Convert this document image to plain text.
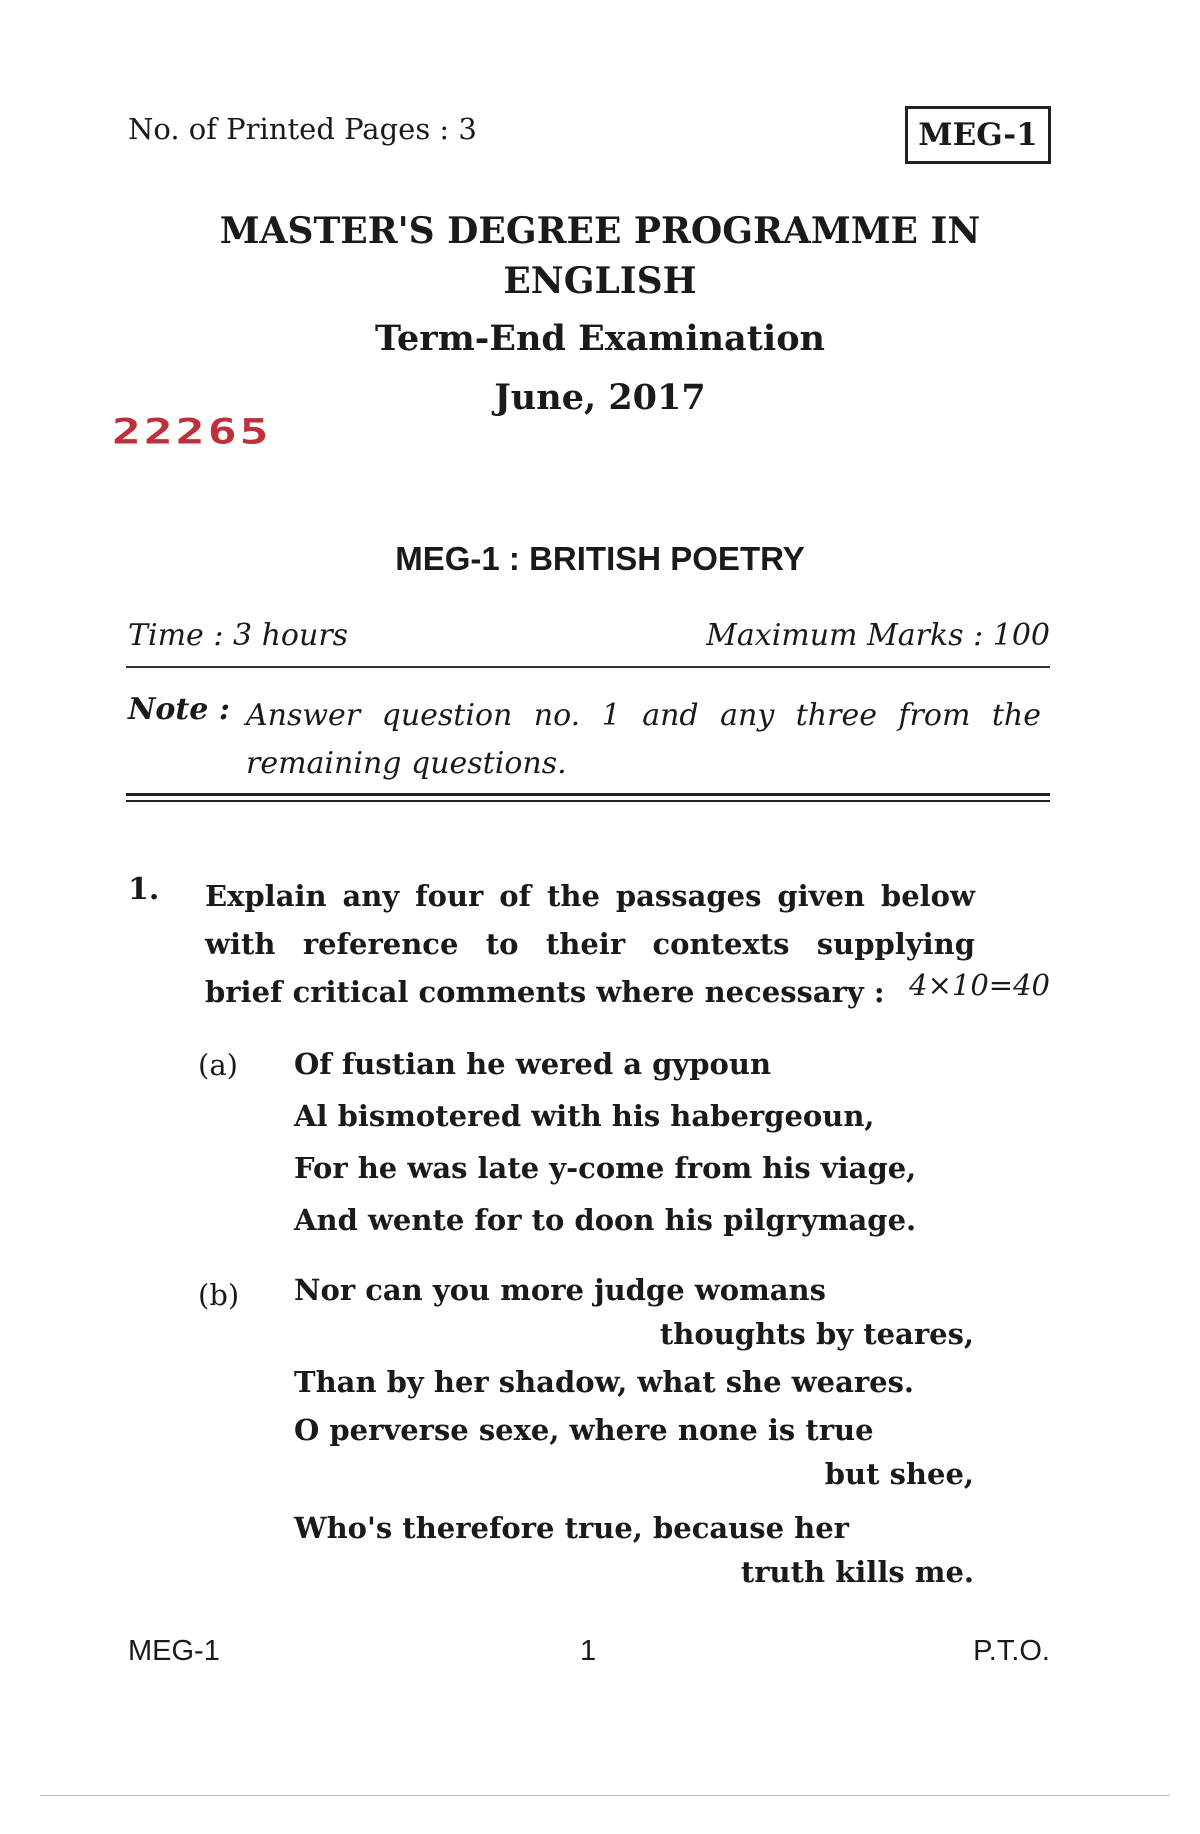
No. of Printed Pages : 3	MEG-1
MASTER'S DEGREE PROGRAMME IN
ENGLISH
Term-End Examination
June, 2017
22265
MEG-1 : BRITISH POETRY
Time : 3 hours	Maximum Marks : 100
Note : Answer question no. 1 and any three from the remaining questions.
1. Explain any four of the passages given below with reference to their contexts supplying brief critical comments where necessary : 4×10=40
(a) Of fustian he wered a gypoun
Al bismotered with his habergeoun,
For he was late y-come from his viage,
And wente for to doon his pilgrymage.
(b) Nor can you more judge womans
thoughts by teares,
Than by her shadow, what she weares.
O perverse sexe, where none is true
but shee,
Who's therefore true, because her
truth kills me.
MEG-1	1	P.T.O.
